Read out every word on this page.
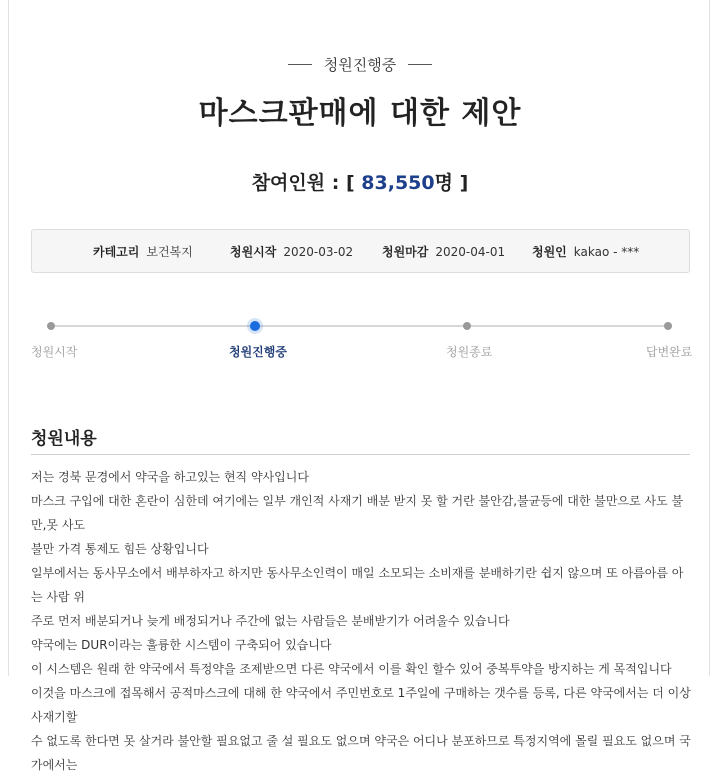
청원진행중
마스크판매에 대한 제안
참여인원 : [ 83,550명 ]
카테고리 보건복지	청원시작 2020-03-02 청원마감 2020-04-01 청원인 kakao - ***
청원시작	청원진행중	청원종료	답변완료
청원내용

저는 경북 문경에서 약국을 하고있는 현직 약사입니다

마스크 구입에 대한 혼란이 심한데 여기에는 일부 개인적 사재기 배분 받지 못 할 거란 불안감,불균등에 대한 불만으로 사도 불만,못 사도

불만 가격 통제도 힘든 상황입니다

일부에서는 동사무소에서 배부하자고 하지만 동사무소인력이 매일 소모되는 소비재를 분배하기란 쉽지 않으며 또 아름아름 아는 사람 위

주로 먼저 배분되거나 늦게 배정되거나 주간에 없는 사람들은 분배받기가 어려울수 있습니다

약국에는 DUR이라는 훌륭한 시스템이 구축되어 있습니다

이 시스템은 원래 한 약국에서 특정약을 조제받으면 다른 약국에서 이를 확인 할수 있어 중복투약을 방지하는 게 목적입니다

이것을 마스크에 접목해서 공적마스크에 대해 한 약국에서 주민번호로 1주일에 구매하는 갯수를 등록, 다른 약국에서는 더 이상 사재기할

수 없도록 한다면 못 살거라 불안할 필요없고 줄 설 필요도 없으며 약국은 어디나 분포하므로 특정지역에 몰릴 필요도 없으며 국가에서는
